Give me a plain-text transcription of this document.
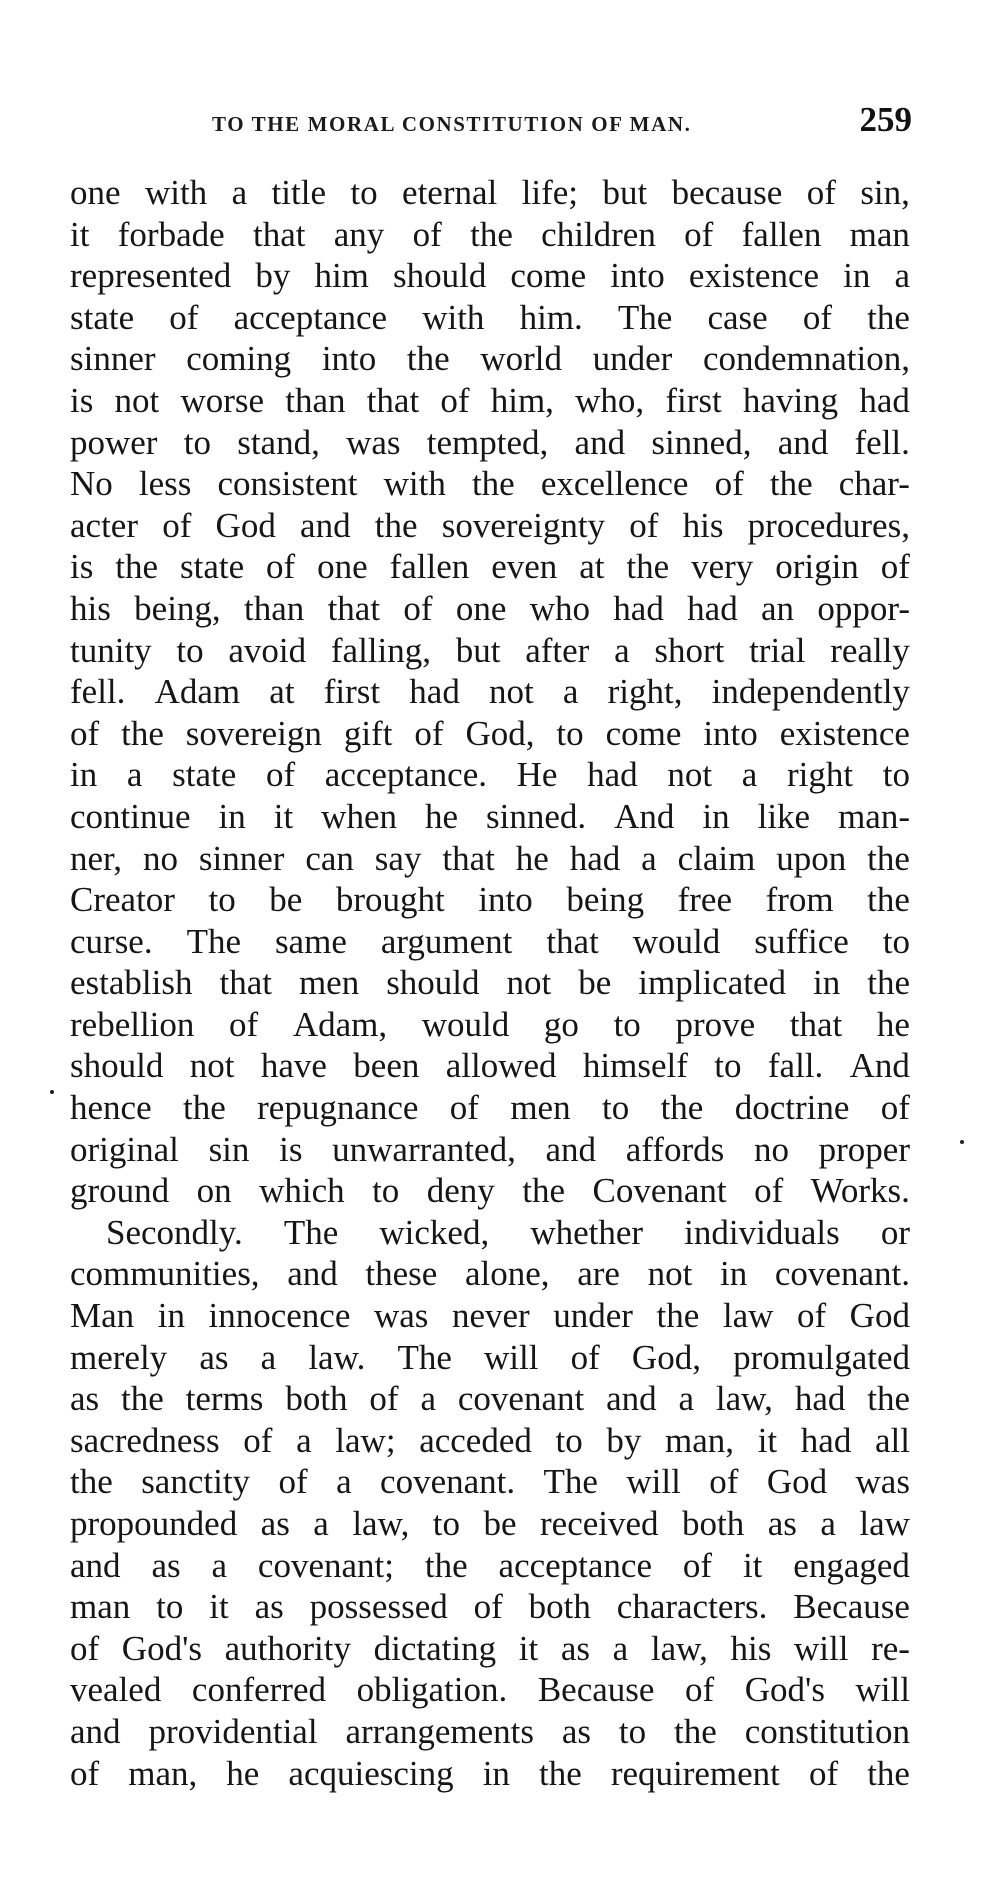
TO THE MORAL CONSTITUTION OF MAN.	259
one with a title to eternal life; but because of sin,
it forbade that any of the children of fallen man
represented by him should come into existence in a
state of acceptance with him. The case of the
sinner coming into the world under condemnation,
is not worse than that of him, who, first having had
power to stand, was tempted, and sinned, and fell.
No less consistent with the excellence of the char-
acter of God and the sovereignty of his procedures,
is the state of one fallen even at the very origin of
his being, than that of one who had had an oppor-
tunity to avoid falling, but after a short trial really
fell. Adam at first had not a right, independently
of the sovereign gift of God, to come into existence
in a state of acceptance. He had not a right to
continue in it when he sinned. And in like man-
ner, no sinner can say that he had a claim upon the
Creator to be brought into being free from the
curse. The same argument that would suffice to
establish that men should not be implicated in the
rebellion of Adam, would go to prove that he
should not have been allowed himself to fall. And
hence the repugnance of men to the doctrine of
original sin is unwarranted, and affords no proper
ground on which to deny the Covenant of Works.
Secondly. The wicked, whether individuals or
communities, and these alone, are not in covenant.
Man in innocence was never under the law of God
merely as a law. The will of God, promulgated
as the terms both of a covenant and a law, had the
sacredness of a law; acceded to by man, it had all
the sanctity of a covenant. The will of God was
propounded as a law, to be received both as a law
and as a covenant; the acceptance of it engaged
man to it as possessed of both characters. Because
of God's authority dictating it as a law, his will re-
vealed conferred obligation. Because of God's will
and providential arrangements as to the constitution
of man, he acquiescing in the requirement of the
